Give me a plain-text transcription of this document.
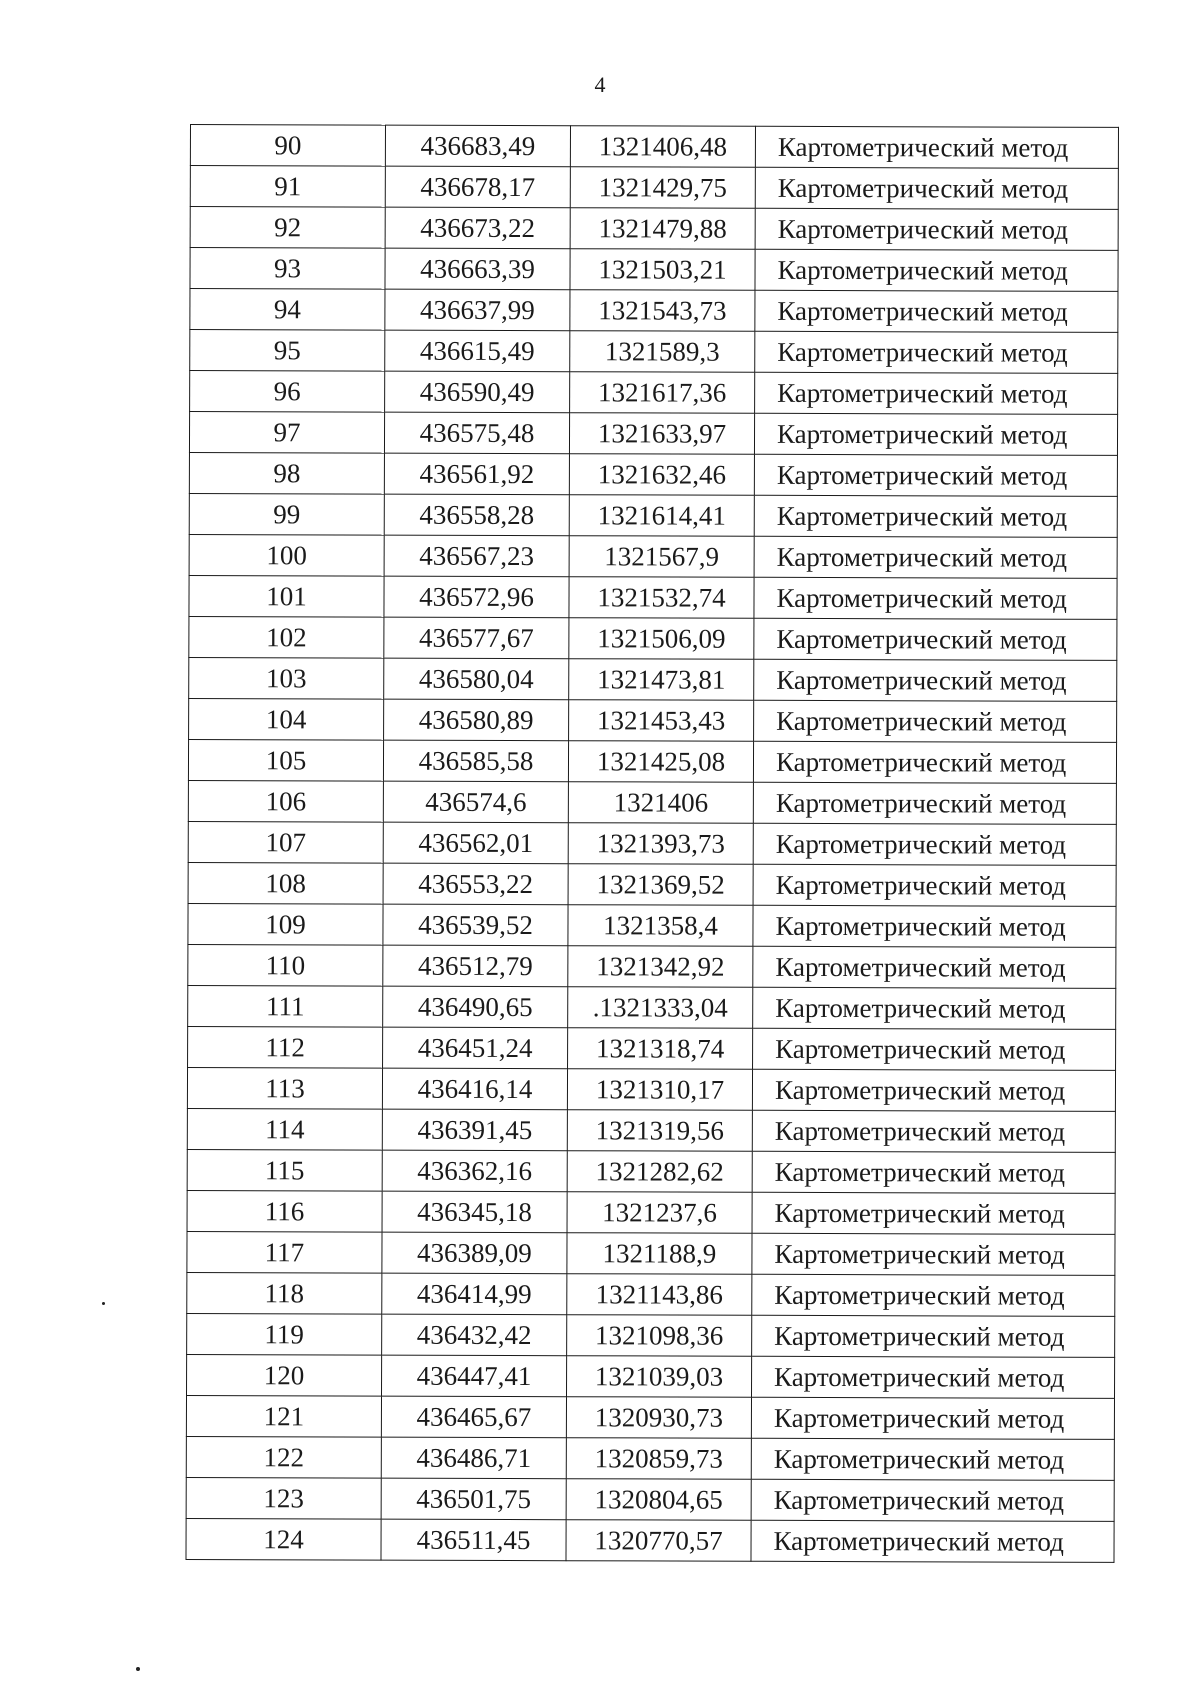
4
90	436683,49	1321406,48	Картометрический метод
91	436678,17	1321429,75	Картометрический метод
92	436673,22	1321479,88	Картометрический метод
93	436663,39	1321503,21	Картометрический метод
94	436637,99	1321543,73	Картометрический метод
95	436615,49	1321589,3	Картометрический метод
96	436590,49	1321617,36	Картометрический метод
97	436575,48	1321633,97	Картометрический метод
98	436561,92	1321632,46	Картометрический метод
99	436558,28	1321614,41	Картометрический метод
100	436567,23	1321567,9	Картометрический метод
101	436572,96	1321532,74	Картометрический метод
102	436577,67	1321506,09	Картометрический метод
103	436580,04	1321473,81	Картометрический метод
104	436580,89	1321453,43	Картометрический метод
105	436585,58	1321425,08	Картометрический метод
106	436574,6	1321406	Картометрический метод
107	436562,01	1321393,73	Картометрический метод
108	436553,22	1321369,52	Картометрический метод
109	436539,52	1321358,4	Картометрический метод
110	436512,79	1321342,92	Картометрический метод
111	436490,65	.1321333,04	Картометрический метод
112	436451,24	1321318,74	Картометрический метод
113	436416,14	1321310,17	Картометрический метод
114	436391,45	1321319,56	Картометрический метод
115	436362,16	1321282,62	Картометрический метод
116	436345,18	1321237,6	Картометрический метод
117	436389,09	1321188,9	Картометрический метод
118	436414,99	1321143,86	Картометрический метод
119	436432,42	1321098,36	Картометрический метод
120	436447,41	1321039,03	Картометрический метод
121	436465,67	1320930,73	Картометрический метод
122	436486,71	1320859,73	Картометрический метод
123	436501,75	1320804,65	Картометрический метод
124	436511,45	1320770,57	Картометрический метод
